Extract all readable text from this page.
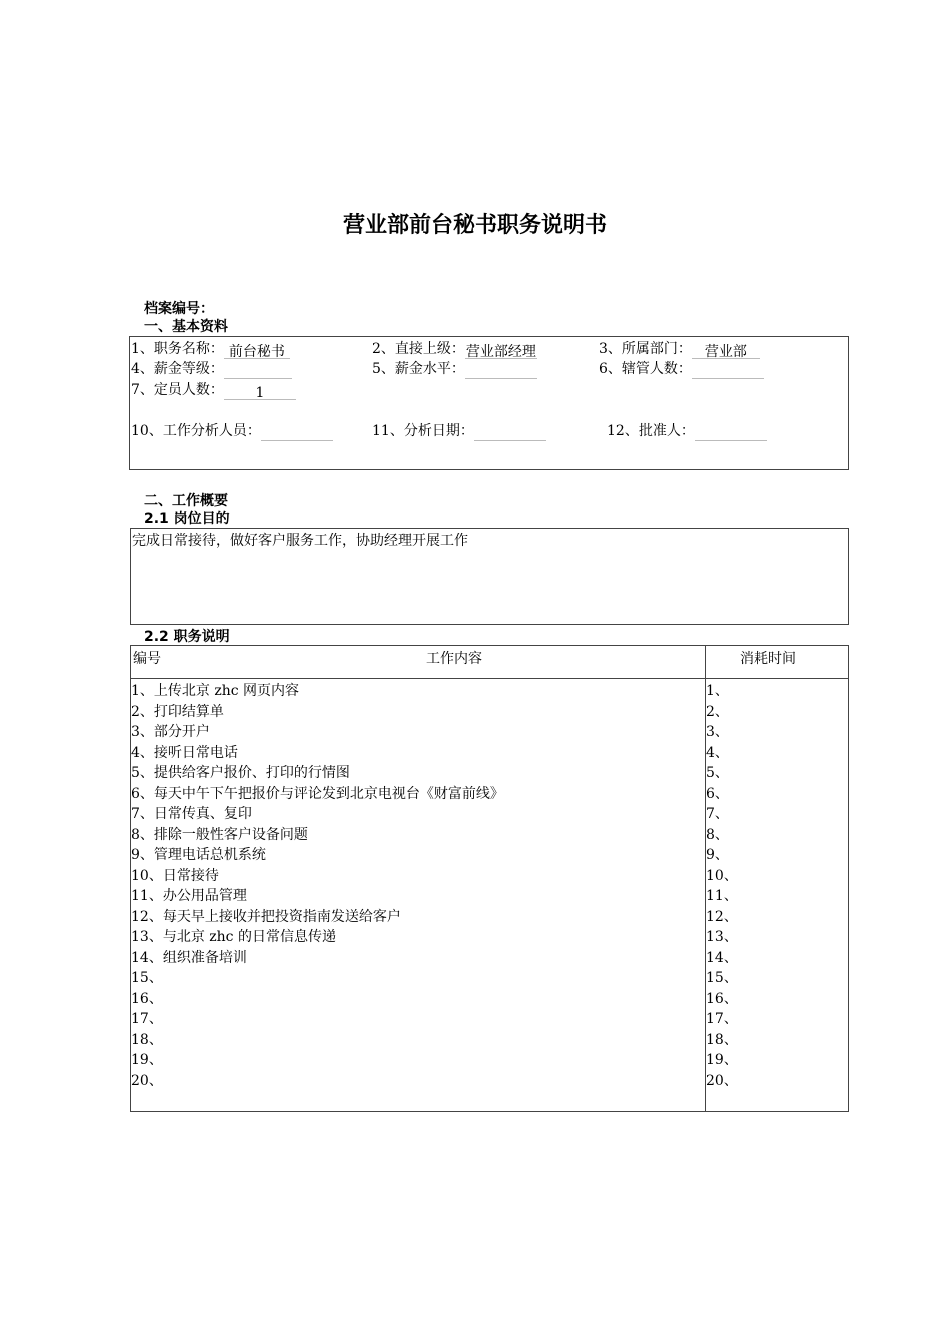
营业部前台秘书职务说明书
档案编号：
一、基本资料
1、职务名称： 前台秘书	2、直接上级：营业部经理	3、所属部门： 营业部
4、薪金等级：	5、薪金水平：	6、辖管人数：
7、定员人数： 1
10、工作分析人员：	11、分析日期：	12、批准人：
二、工作概要
2.1 岗位目的
完成日常接待，做好客户服务工作，协助经理开展工作
2.2 职务说明
编号	工作内容	消耗时间
1、上传北京 zhc 网页内容	1、
2、打印结算单	2、
3、部分开户	3、
4、接听日常电话	4、
5、提供给客户报价、打印的行情图	5、
6、每天中午下午把报价与评论发到北京电视台《财富前线》	6、
7、日常传真、复印	7、
8、排除一般性客户设备问题	8、
9、管理电话总机系统	9、
10、日常接待	10、
11、办公用品管理	11、
12、每天早上接收并把投资指南发送给客户	12、
13、与北京 zhc 的日常信息传递	13、
14、组织准备培训	14、
15、	15、
16、	16、
17、	17、
18、	18、
19、	19、
20、	20、
